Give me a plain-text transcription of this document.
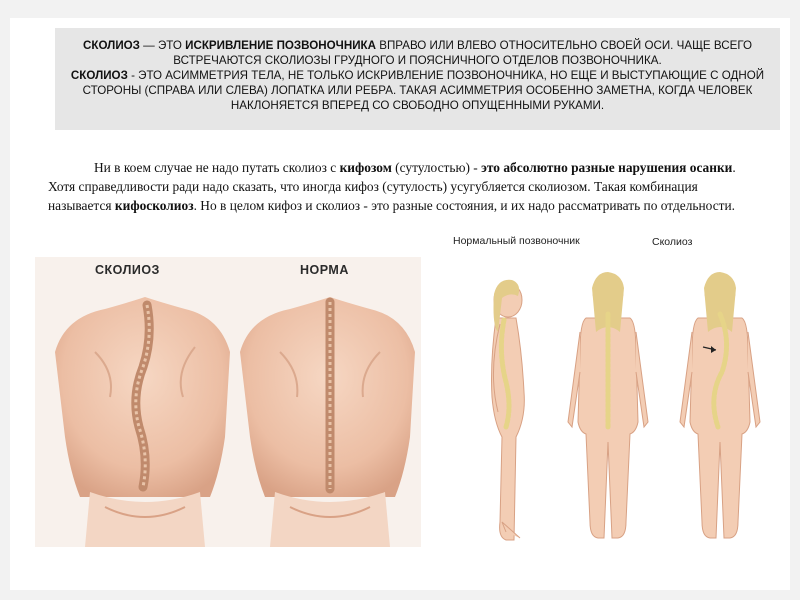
СКОЛИОЗ — ЭТО ИСКРИВЛЕНИЕ ПОЗВОНОЧНИКА ВПРАВО ИЛИ ВЛЕВО ОТНОСИТЕЛЬНО СВОЕЙ ОСИ. ЧАЩЕ ВСЕГО ВСТРЕЧАЮТСЯ СКОЛИОЗЫ ГРУДНОГО И ПОЯСНИЧНОГО ОТДЕЛОВ ПОЗВОНОЧНИКА.
СКОЛИОЗ - ЭТО АСИММЕТРИЯ ТЕЛА, НЕ ТОЛЬКО ИСКРИВЛЕНИЕ ПОЗВОНОЧНИКА, НО ЕЩЕ И ВЫСТУПАЮЩИЕ С ОДНОЙ СТОРОНЫ (СПРАВА ИЛИ СЛЕВА) ЛОПАТКА ИЛИ РЕБРА. ТАКАЯ АСИММЕТРИЯ ОСОБЕННО ЗАМЕТНА, КОГДА ЧЕЛОВЕК НАКЛОНЯЕТСЯ ВПЕРЕД СО СВОБОДНО ОПУЩЕННЫМИ РУКАМИ.
Ни в коем случае не надо путать сколиоз с кифозом (сутулостью) - это абсолютно разные нарушения осанки. Хотя справедливости ради надо сказать, что иногда кифоз (сутулость) усугубляется сколиозом. Такая комбинация называется кифосколиоз. Но в целом кифоз и сколиоз - это разные состояния, и их надо рассматривать по отдельности.
СКОЛИОЗ	НОРМА
Нормальный позвоночник	Сколиоз
